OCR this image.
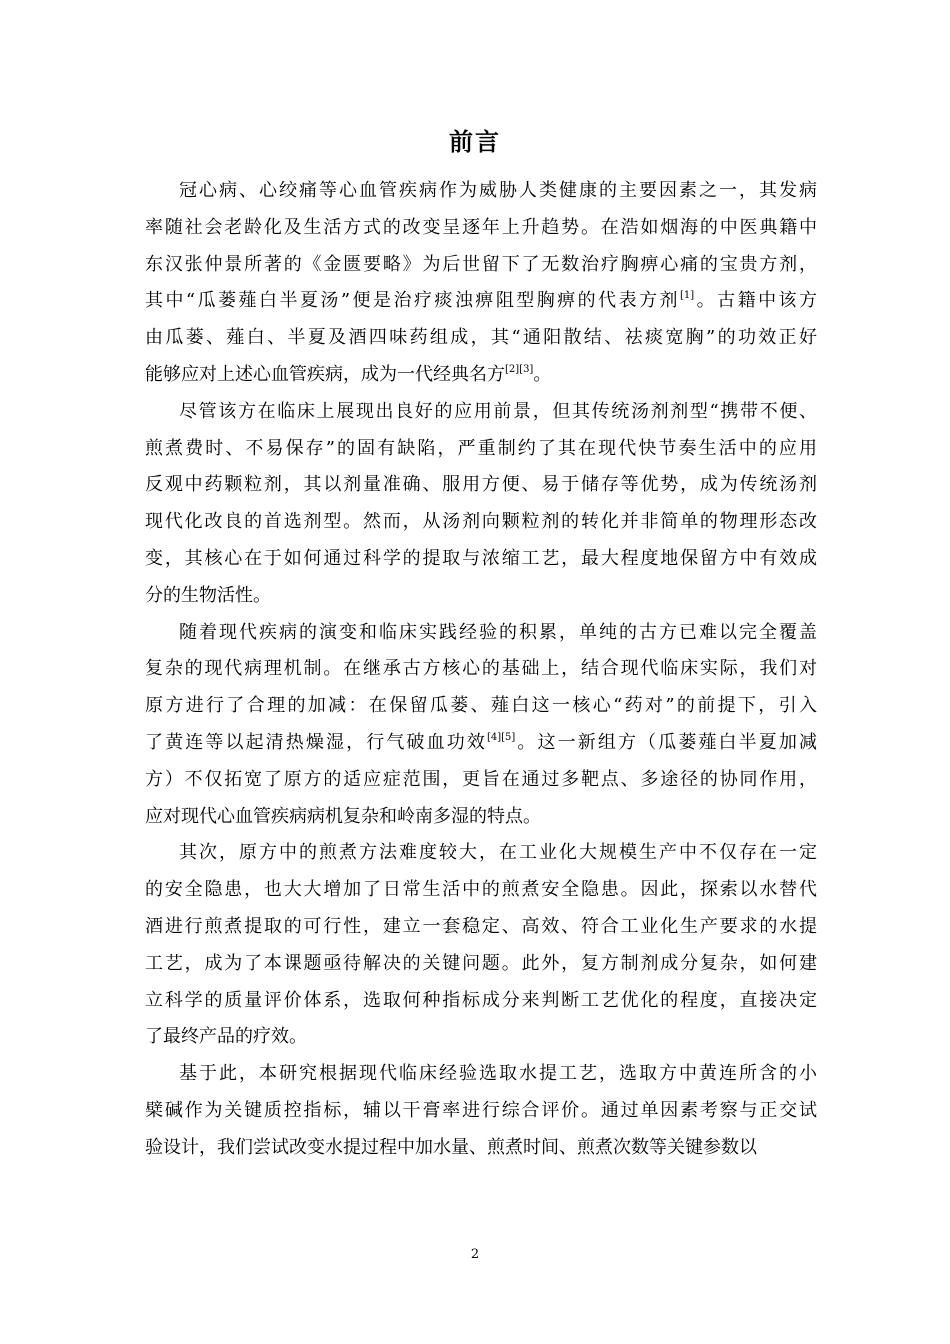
前言
冠心病、心绞痛等心血管疾病作为威胁人类健康的主要因素之一，其发病
率随社会老龄化及生活方式的改变呈逐年上升趋势。在浩如烟海的中医典籍中
东汉张仲景所著的《金匮要略》为后世留下了无数治疗胸痹心痛的宝贵方剂，
其中“瓜蒌薤白半夏汤”便是治疗痰浊痹阻型胸痹的代表方剂[1]。古籍中该方
由瓜蒌、薤白、半夏及酒四味药组成，其“通阳散结、祛痰宽胸”的功效正好
能够应对上述心血管疾病，成为一代经典名方[2][3]。
尽管该方在临床上展现出良好的应用前景，但其传统汤剂剂型“携带不便、
煎煮费时、不易保存”的固有缺陷，严重制约了其在现代快节奏生活中的应用
反观中药颗粒剂，其以剂量准确、服用方便、易于储存等优势，成为传统汤剂
现代化改良的首选剂型。然而，从汤剂向颗粒剂的转化并非简单的物理形态改
变，其核心在于如何通过科学的提取与浓缩工艺，最大程度地保留方中有效成
分的生物活性。
随着现代疾病的演变和临床实践经验的积累，单纯的古方已难以完全覆盖
复杂的现代病理机制。在继承古方核心的基础上，结合现代临床实际，我们对
原方进行了合理的加减：在保留瓜蒌、薤白这一核心“药对”的前提下，引入
了黄连等以起清热燥湿，行气破血功效[4][5]。这一新组方（瓜蒌薤白半夏加减
方）不仅拓宽了原方的适应症范围，更旨在通过多靶点、多途径的协同作用，
应对现代心血管疾病病机复杂和岭南多湿的特点。
其次，原方中的煎煮方法难度较大，在工业化大规模生产中不仅存在一定
的安全隐患，也大大增加了日常生活中的煎煮安全隐患。因此，探索以水替代
酒进行煎煮提取的可行性，建立一套稳定、高效、符合工业化生产要求的水提
工艺，成为了本课题亟待解决的关键问题。此外，复方制剂成分复杂，如何建
立科学的质量评价体系，选取何种指标成分来判断工艺优化的程度，直接决定
了最终产品的疗效。
基于此，本研究根据现代临床经验选取水提工艺，选取方中黄连所含的小
檗碱作为关键质控指标，辅以干膏率进行综合评价。通过单因素考察与正交试
验设计，我们尝试改变水提过程中加水量、煎煮时间、煎煮次数等关键参数以
2
